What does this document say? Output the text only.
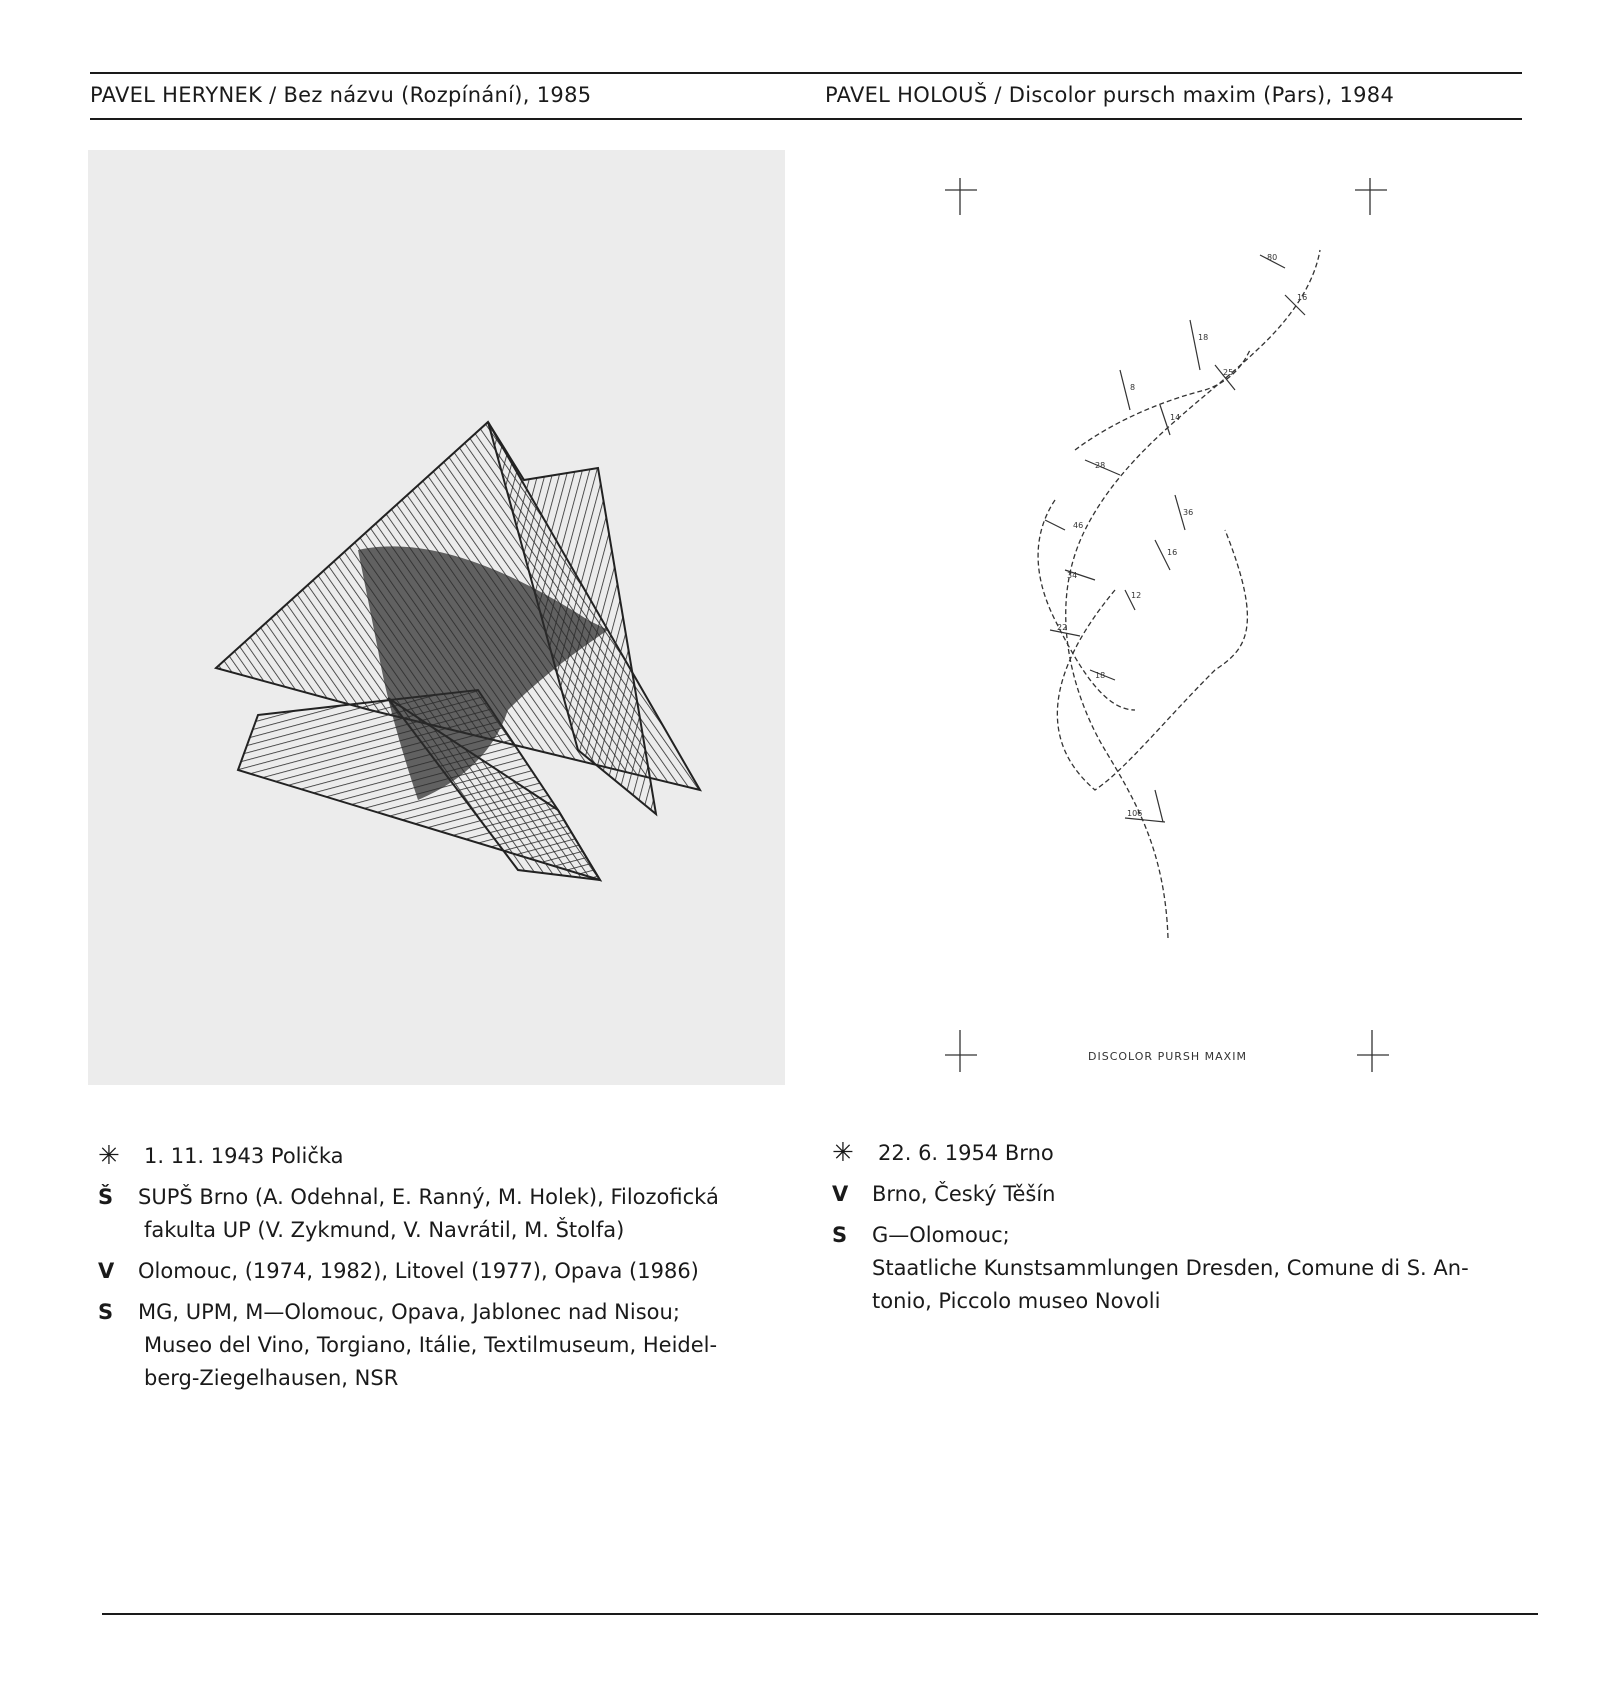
PAVEL HERYNEK / Bez názvu (Rozpínání), 1985	PAVEL HOLOUŠ / Discolor pursch maxim (Pars), 1984
80
16
18
25
8
14
28
36
46
16
34
12
22
18
106
DISCOLOR PURSH MAXIM
✳	1. 11. 1943 Polička
Š	SUPŠ Brno (A. Odehnal, E. Ranný, M. Holek), Filozofická
fakulta UP (V. Zykmund, V. Navrátil, M. Štolfa)
V	Olomouc, (1974, 1982), Litovel (1977), Opava (1986)
S	MG, UPM, M—Olomouc, Opava, Jablonec nad Nisou;
Museo del Vino, Torgiano, Itálie, Textilmuseum, Heidel-
berg-Ziegelhausen, NSR
✳	22. 6. 1954 Brno
V	Brno, Český Těšín
S	G—Olomouc;
Staatliche Kunstsammlungen Dresden, Comune di S. An-
tonio, Piccolo museo Novoli
